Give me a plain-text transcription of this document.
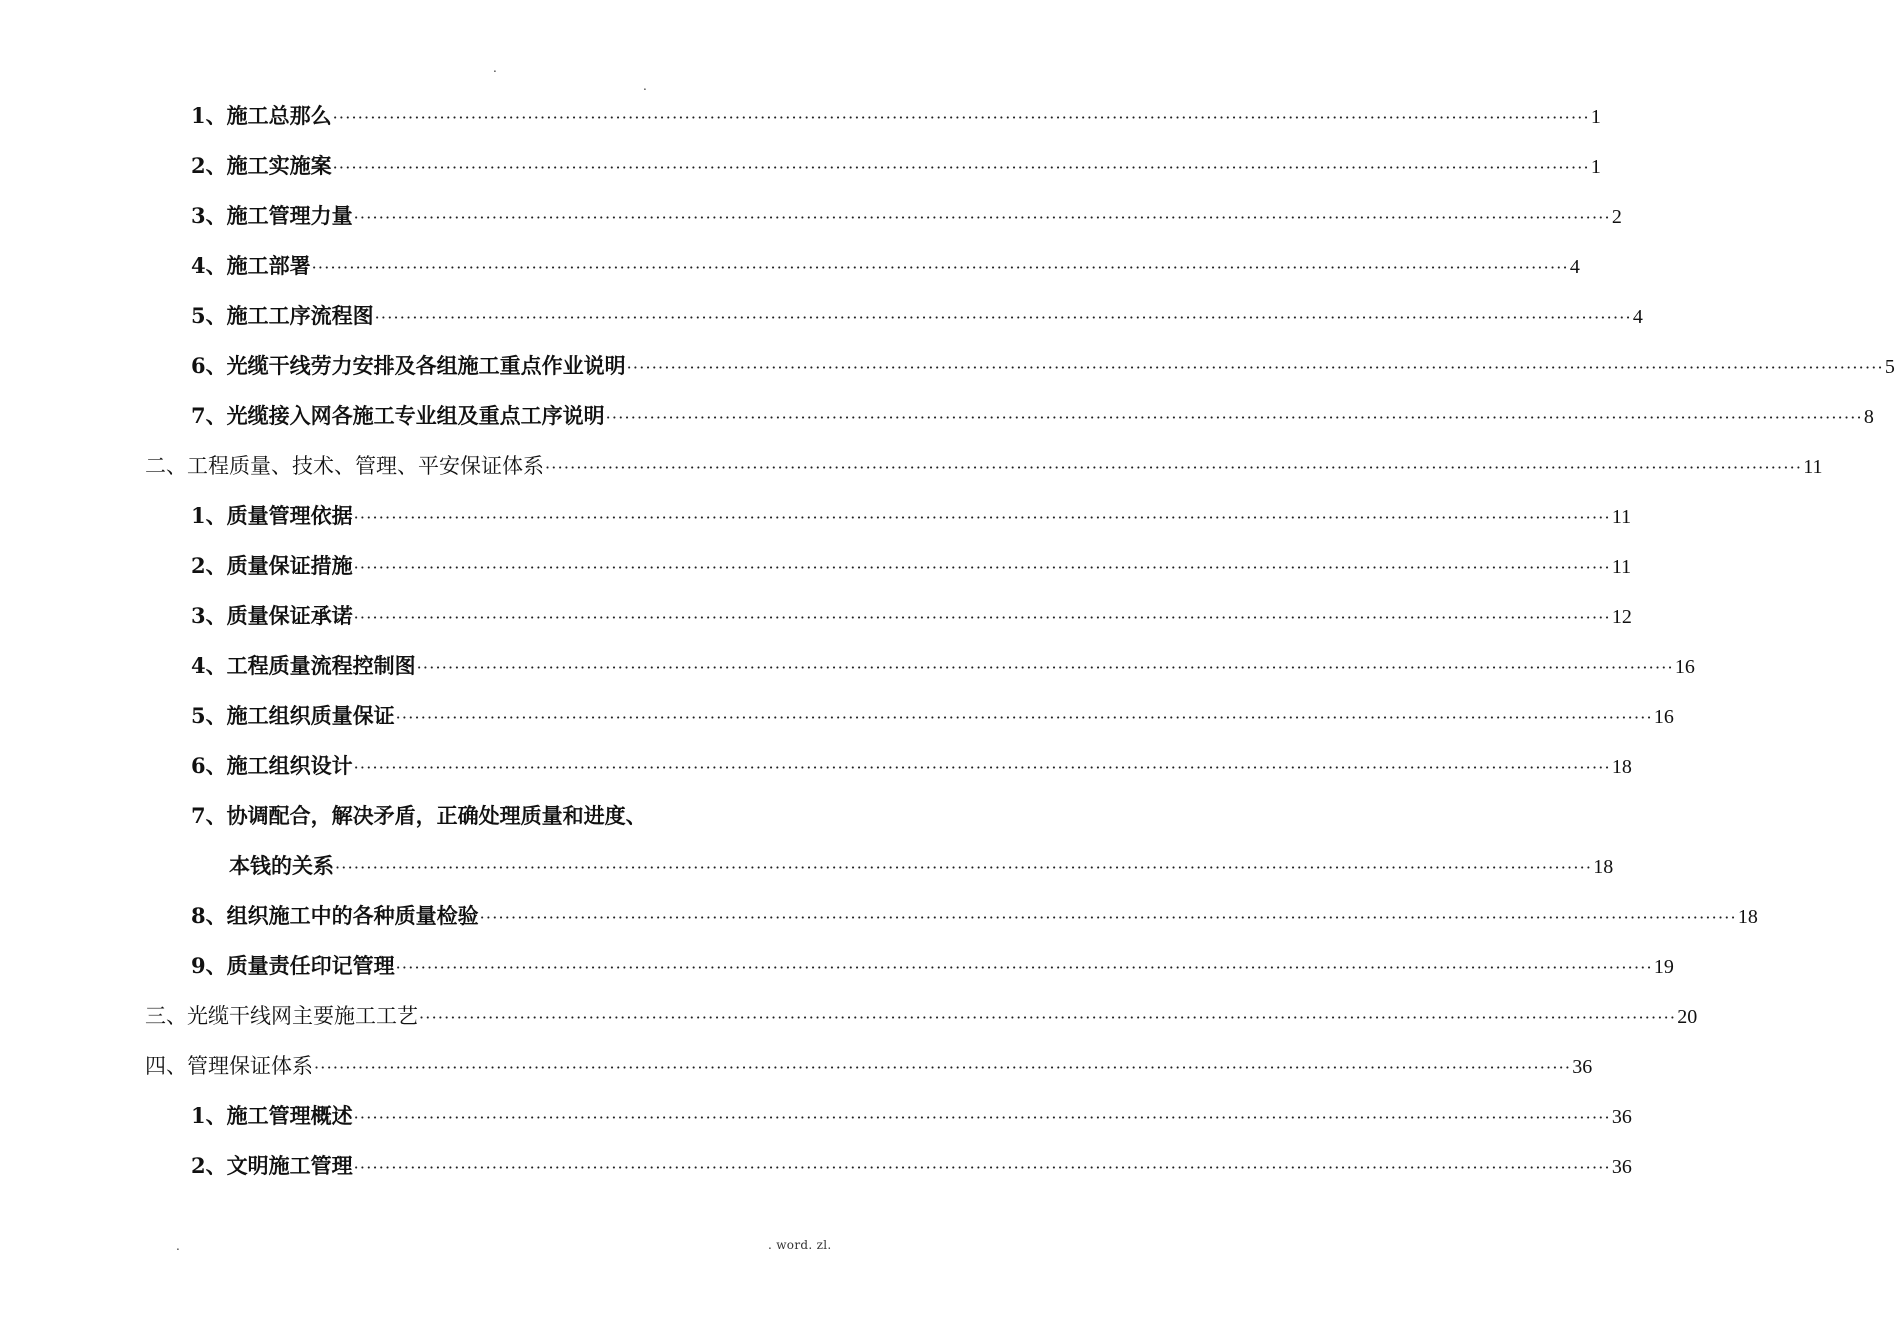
.
.
1、 施工总那么 ········································································································································································································ 1
2、 施工实施案 ········································································································································································································ 1
3、 施工管理力量 ········································································································································································································ 2
4、 施工部署 ········································································································································································································ 4
5、 施工工序流程图 ········································································································································································································ 4
6、 光缆干线劳力安排及各组施工重点作业说明 ········································································································································································································ 5
7、 光缆接入网各施工专业组及重点工序说明 ········································································································································································································ 8
二、 工程质量、技术、管理、平安保证体系 ········································································································································································································ 11
1、 质量管理依据 ········································································································································································································ 11
2、 质量保证措施 ········································································································································································································ 11
3、 质量保证承诺 ········································································································································································································ 12
4、 工程质量流程控制图 ········································································································································································································ 16
5、 施工组织质量保证 ········································································································································································································ 16
6、 施工组织设计 ········································································································································································································ 18
7、 协调配合，解决矛盾，正确处理质量和进度、
本钱的关系 ········································································································································································································ 18
8、 组织施工中的各种质量检验 ········································································································································································································ 18
9、 质量责任印记管理 ········································································································································································································ 19
三、 光缆干线网主要施工工艺 ········································································································································································································ 20
四、 管理保证体系 ········································································································································································································ 36
1、 施工管理概述 ········································································································································································································ 36
2、 文明施工管理 ········································································································································································································ 36
.	. word. zl.
